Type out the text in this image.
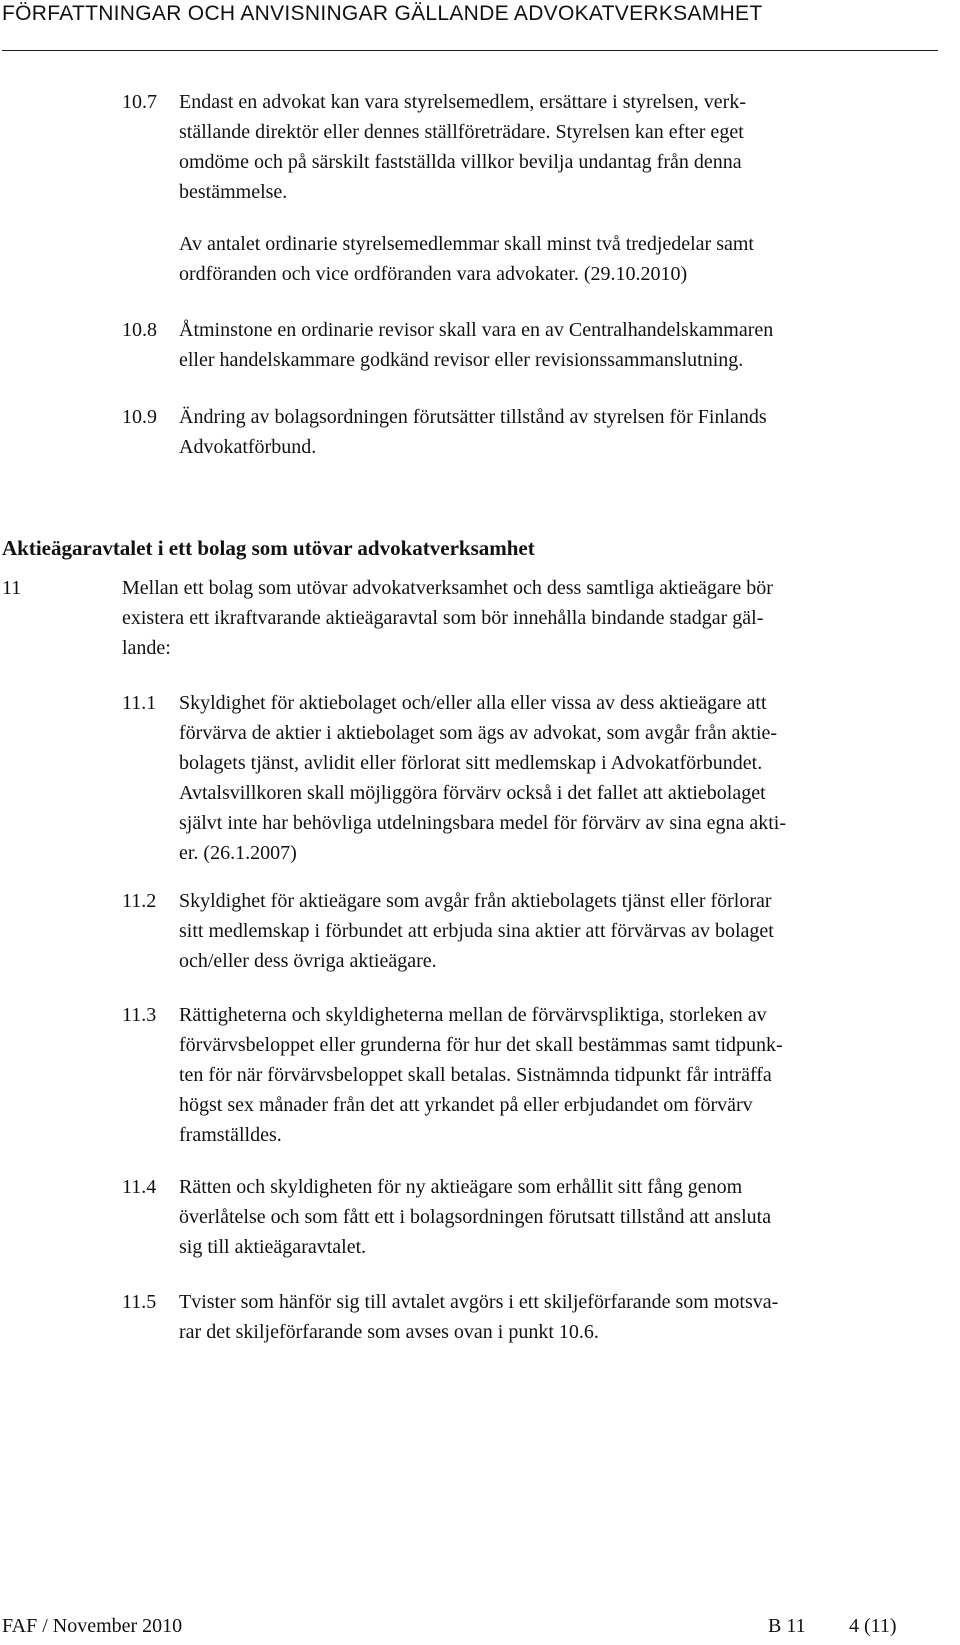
FÖRFATTNINGAR OCH ANVISNINGAR GÄLLANDE ADVOKATVERKSAMHET
10.7 Endast en advokat kan vara styrelsemedlem, ersättare i styrelsen, verk-
ställande direktör eller dennes ställföreträdare. Styrelsen kan efter eget
omdöme och på särskilt fastställda villkor bevilja undantag från denna
bestämmelse.
Av antalet ordinarie styrelsemedlemmar skall minst två tredjedelar samt
ordföranden och vice ordföranden vara advokater. (29.10.2010)
10.8 Åtminstone en ordinarie revisor skall vara en av Centralhandelskammaren
eller handelskammare godkänd revisor eller revisionssammanslutning.
10.9 Ändring av bolagsordningen förutsätter tillstånd av styrelsen för Finlands
Advokatförbund.
Aktieägaravtalet i ett bolag som utövar advokatverksamhet
11	Mellan ett bolag som utövar advokatverksamhet och dess samtliga aktieägare bör
existera ett ikraftvarande aktieägaravtal som bör innehålla bindande stadgar gäl-
lande:
11.1 Skyldighet för aktiebolaget och/eller alla eller vissa av dess aktieägare att
förvärva de aktier i aktiebolaget som ägs av advokat, som avgår från aktie-
bolagets tjänst, avlidit eller förlorat sitt medlemskap i Advokatförbundet.
Avtalsvillkoren skall möjliggöra förvärv också i det fallet att aktiebolaget
självt inte har behövliga utdelningsbara medel för förvärv av sina egna akti-
er. (26.1.2007)
11.2 Skyldighet för aktieägare som avgår från aktiebolagets tjänst eller förlorar
sitt medlemskap i förbundet att erbjuda sina aktier att förvärvas av bolaget
och/eller dess övriga aktieägare.
11.3 Rättigheterna och skyldigheterna mellan de förvärvspliktiga, storleken av
förvärvsbeloppet eller grunderna för hur det skall bestämmas samt tidpunk-
ten för när förvärvsbeloppet skall betalas. Sistnämnda tidpunkt får inträffa
högst sex månader från det att yrkandet på eller erbjudandet om förvärv
framställdes.
11.4 Rätten och skyldigheten för ny aktieägare som erhållit sitt fång genom
överlåtelse och som fått ett i bolagsordningen förutsatt tillstånd att ansluta
sig till aktieägaravtalet.
11.5 Tvister som hänför sig till avtalet avgörs i ett skiljeförfarande som motsva-
rar det skiljeförfarande som avses ovan i punkt 10.6.
FAF / November 2010	B 11 4 (11)
